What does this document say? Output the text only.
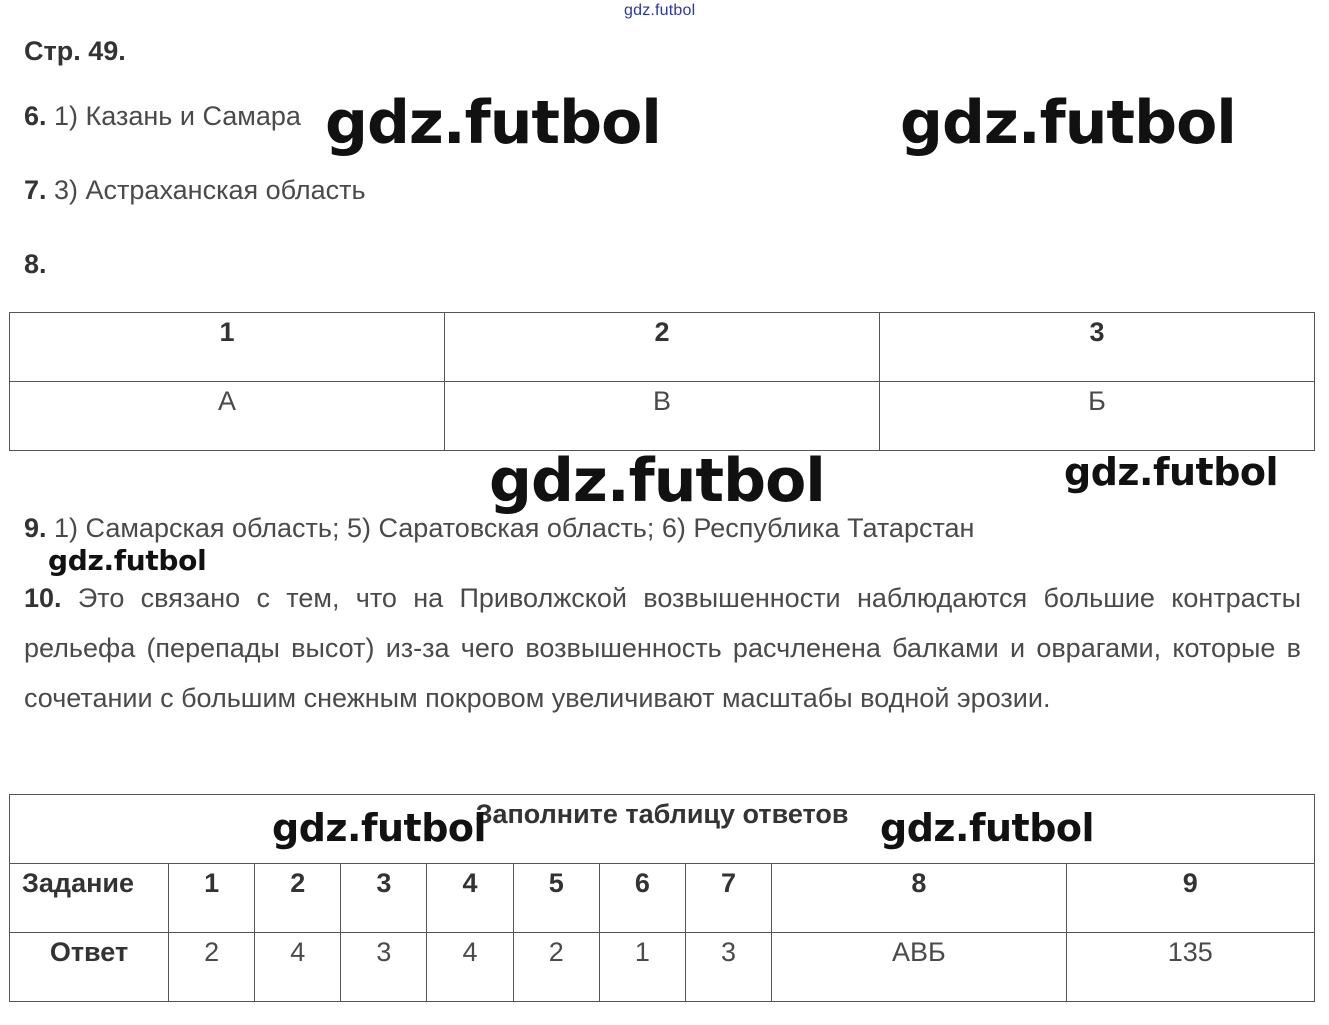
gdz.futbol
Стр. 49.
6. 1) Казань и Самара
7. 3) Астраханская область
8.
1	2	3
А	В	Б
9. 1) Самарская область; 5) Саратовская область; 6) Республика Татарстан
10. Это связано с тем, что на Приволжской возвышенности наблюдаются большие контрасты рельефа (перепады высот) из-за чего возвышенность расчленена балками и оврагами, которые в сочетании с большим снежным покровом увеличивают масштабы водной эрозии.
Заполните таблицу ответов									
Задание	1	2	3	4	5	6	7	8	9
Ответ	2	4	3	4	2	1	3	АВБ	135
gdz.futbol	gdz.futbol
gdz.futbol	gdz.futbol
gdz.futbol
gdz.futbol	gdz.futbol
